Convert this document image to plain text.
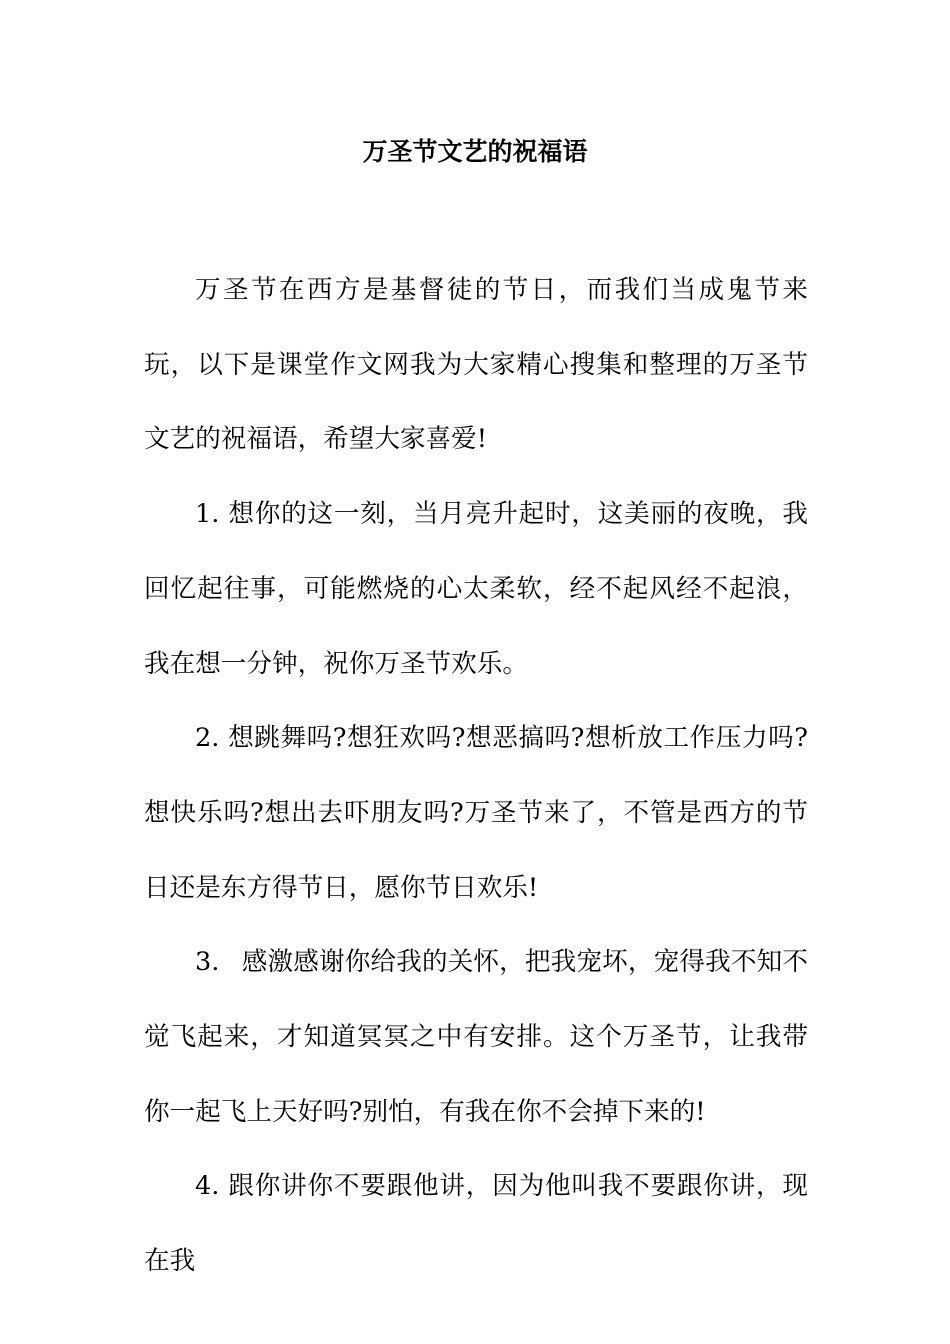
万圣节文艺的祝福语

万圣节在西方是基督徒的节日，而我们当成鬼节来玩，以下是课堂作文网我为大家精心搜集和整理的万圣节文艺的祝福语，希望大家喜爱!

1. 想你的这一刻，当月亮升起时，这美丽的夜晚，我回忆起往事，可能燃烧的心太柔软，经不起风经不起浪，我在想一分钟，祝你万圣节欢乐。

2. 想跳舞吗?想狂欢吗?想恶搞吗?想析放工作压力吗?想快乐吗?想出去吓朋友吗?万圣节来了，不管是西方的节日还是东方得节日，愿你节日欢乐!

3. 感激感谢你给我的关怀，把我宠坏，宠得我不知不觉飞起来，才知道冥冥之中有安排。这个万圣节，让我带你一起飞上天好吗?别怕，有我在你不会掉下来的!

4. 跟你讲你不要跟他讲，因为他叫我不要跟你讲，现在我
